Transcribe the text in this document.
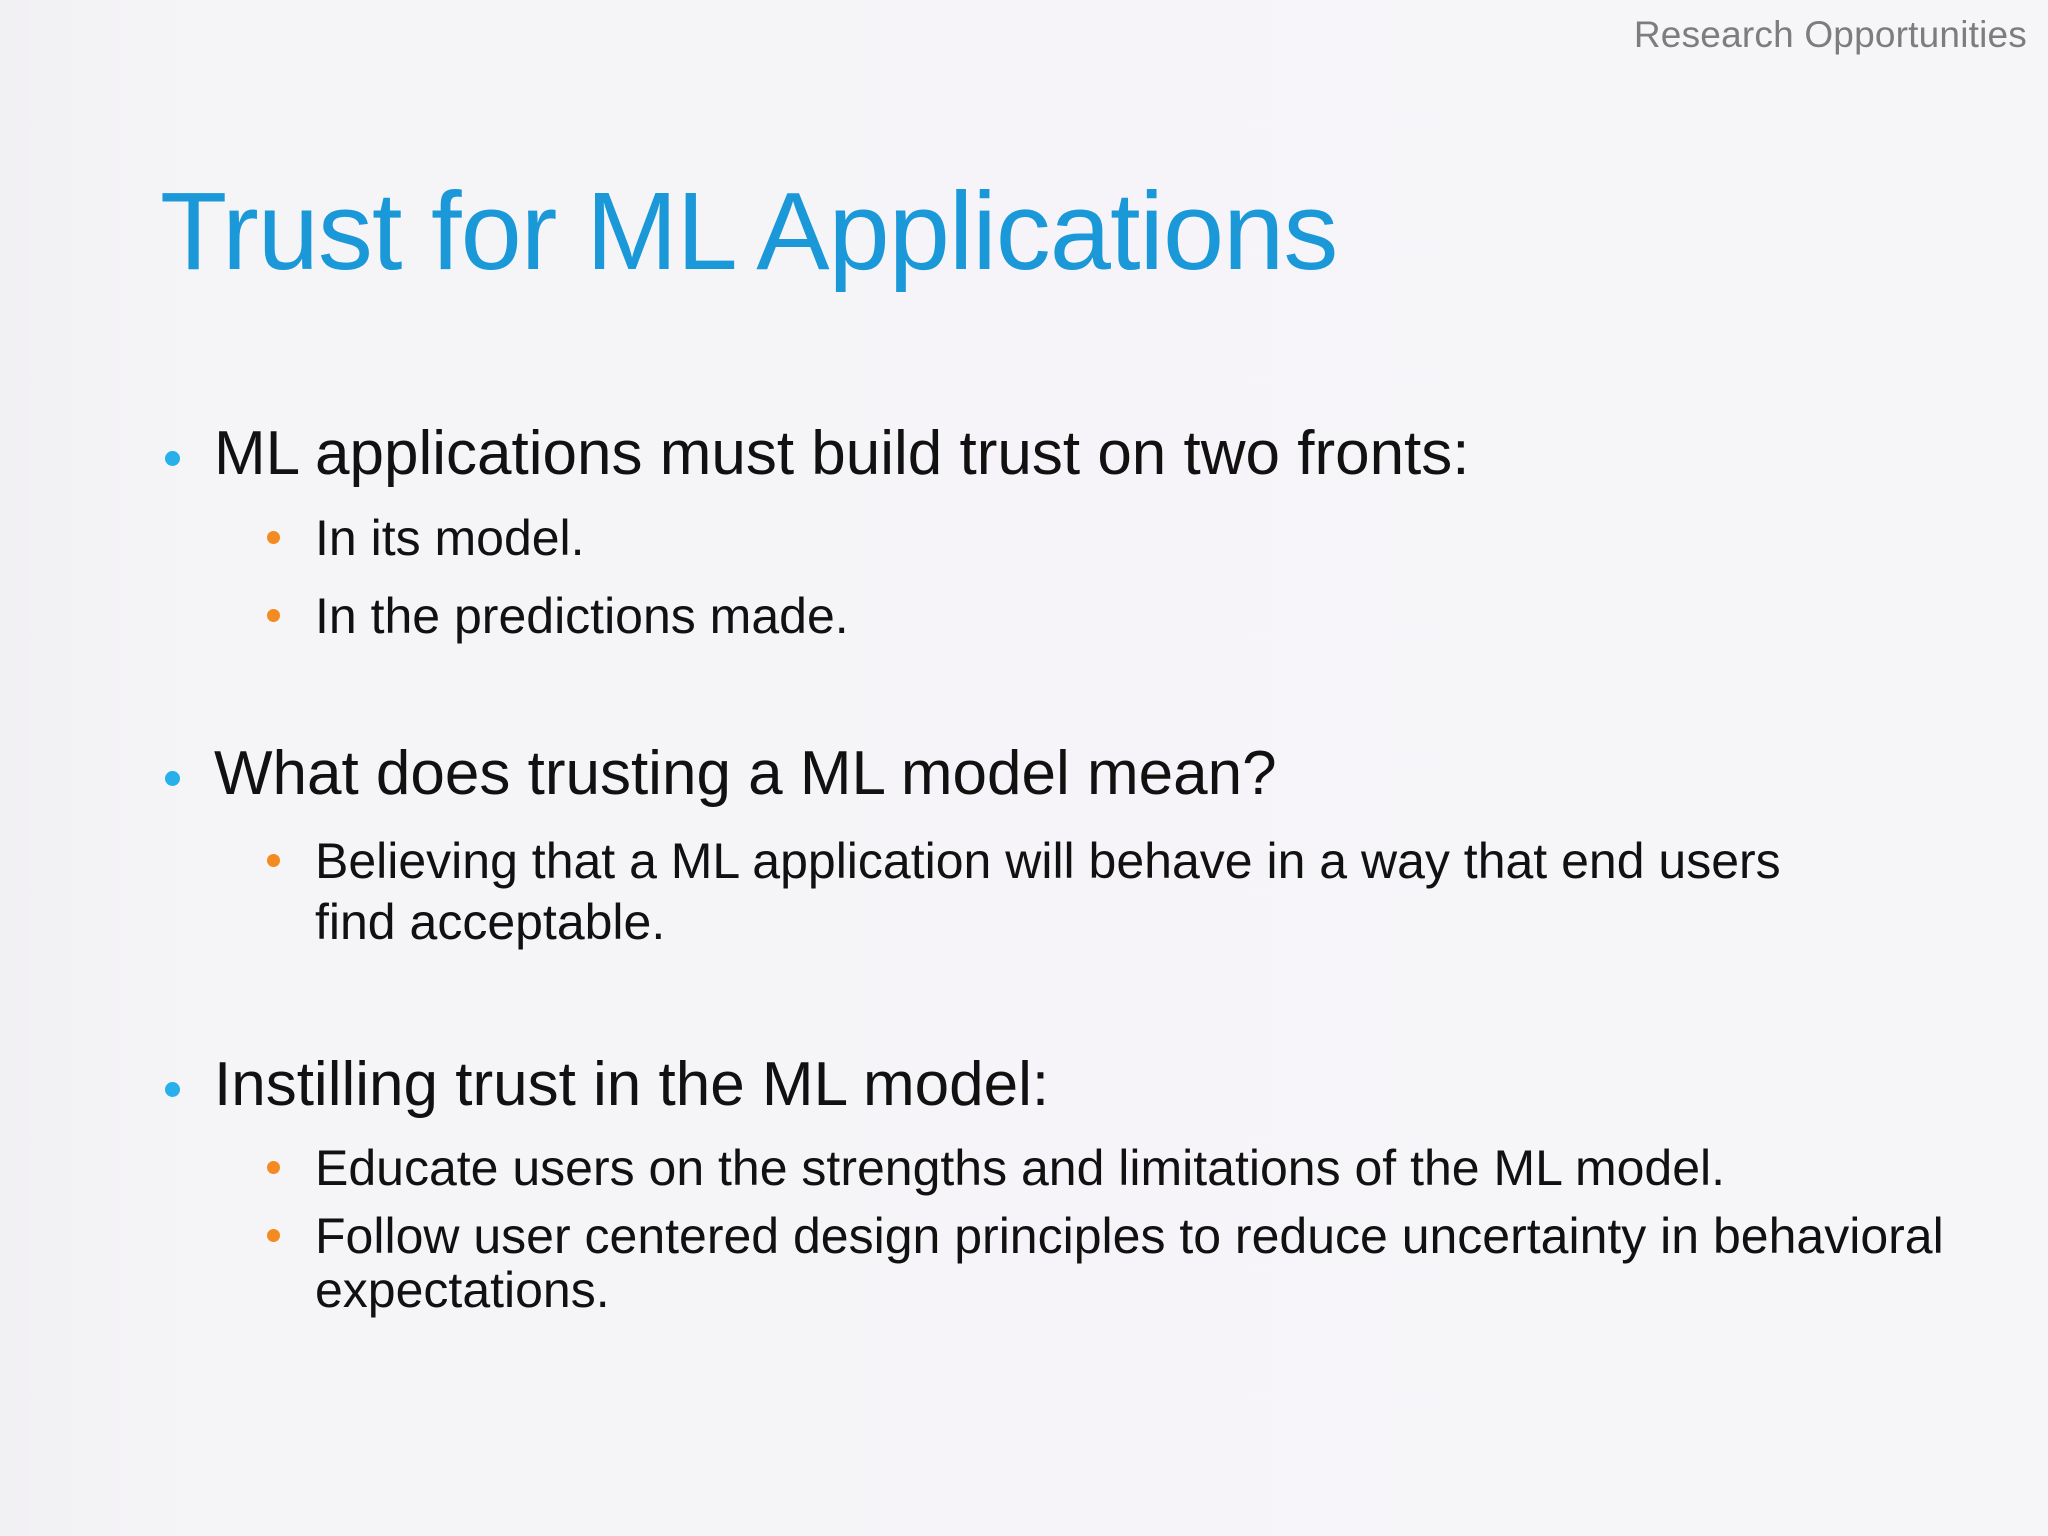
Research Opportunities
Trust for ML Applications
ML applications must build trust on two fronts:
In its model.
In the predictions made.
What does trusting a ML model mean?
Believing that a ML application will behave in a way that end users
find acceptable.
Instilling trust in the ML model:
Educate users on the strengths and limitations of the ML model.
Follow user centered design principles to reduce uncertainty in behavioral
expectations.
